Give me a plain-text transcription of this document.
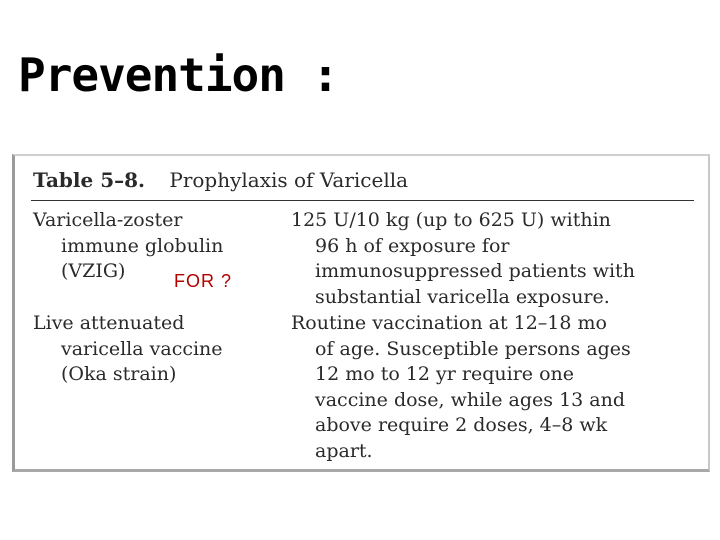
Prevention :
Table 5–8. Prophylaxis of Varicella
Varicella-zoster
immune globulin
(VZIG)
125 U/10 kg (up to 625 U) within
96 h of exposure for
immunosuppressed patients with
substantial varicella exposure.
Live attenuated
varicella vaccine
(Oka strain)
Routine vaccination at 12–18 mo
of age. Susceptible persons ages
12 mo to 12 yr require one
vaccine dose, while ages 13 and
above require 2 doses, 4–8 wk
apart.
FOR ?
